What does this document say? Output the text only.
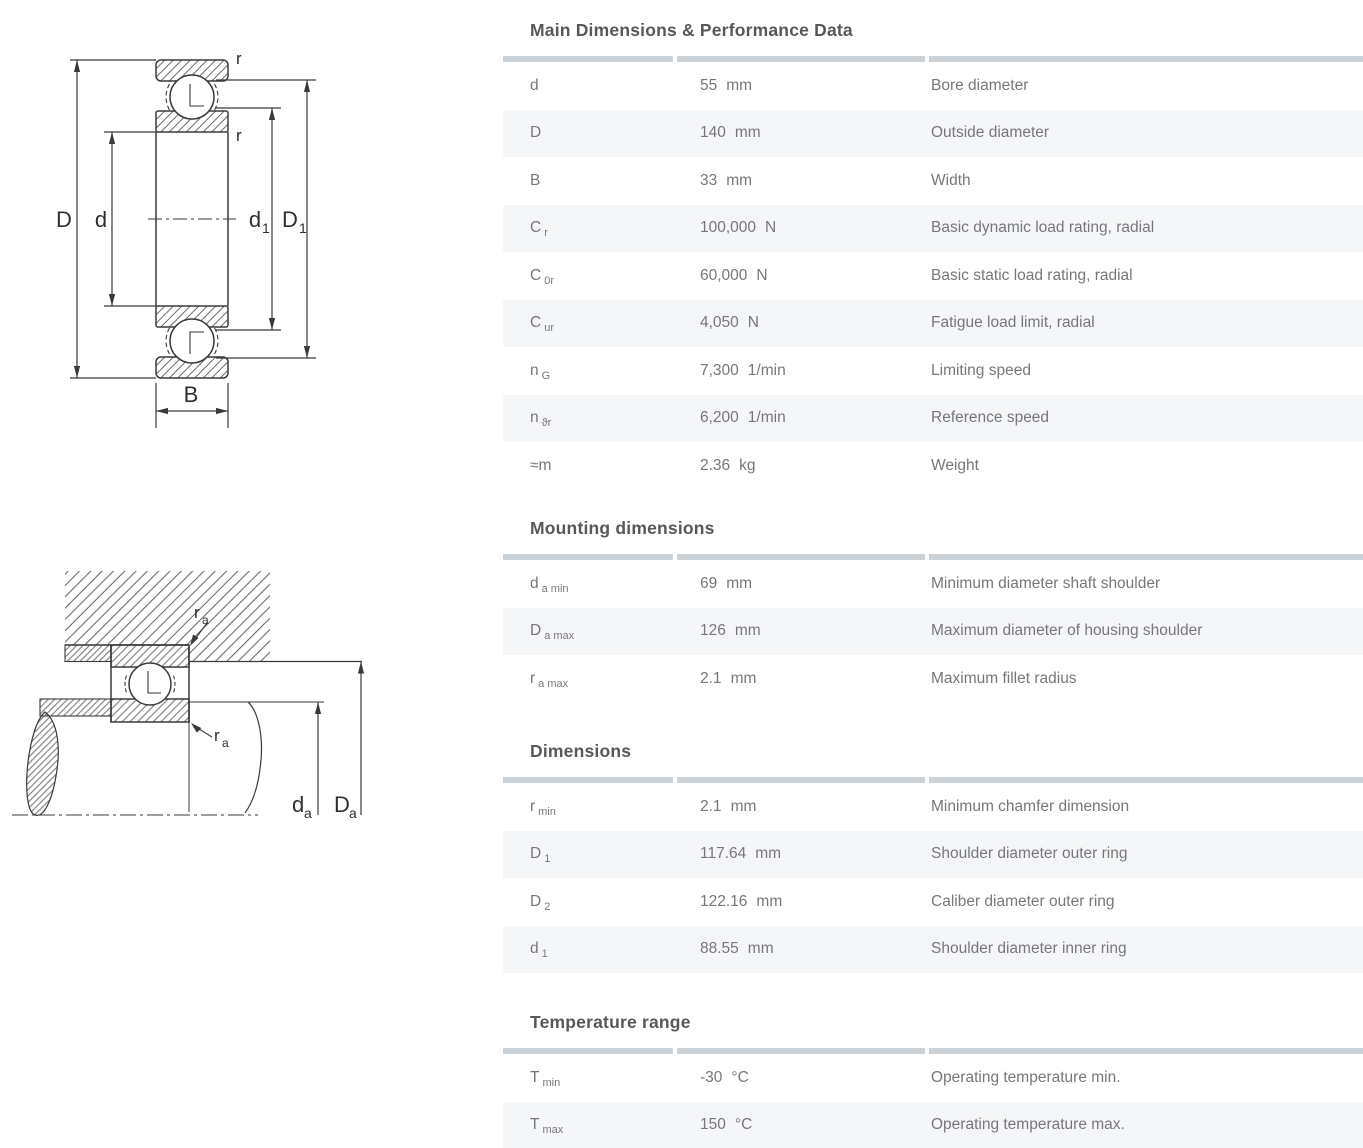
D d	d 1 D 1
r
r
B
r a
r a
d a D a
Main Dimensions & Performance Data
d	55 mm	Bore diameter
D	140 mm	Outside diameter
B	33 mm	Width
C $_r$	100,000 N	Basic dynamic load rating, radial
C $_{0r}$	60,000 N	Basic static load rating, radial
C $_{ur}$	4,050 N	Fatigue load limit, radial
n $_G$	7,300 1/min	Limiting speed
n $_{ϑr}$	6,200 1/min	Reference speed
≈m	2.36 kg	Weight
Mounting dimensions
d $_{a min}$	69 mm	Minimum diameter shaft shoulder
D $_{a max}$	126 mm	Maximum diameter of housing shoulder
r $_{a max}$	2.1 mm	Maximum fillet radius
Dimensions
r $_{min}$	2.1 mm	Minimum chamfer dimension
D $_1$	117.64 mm	Shoulder diameter outer ring
D $_2$	122.16 mm	Caliber diameter outer ring
d $_1$	88.55 mm	Shoulder diameter inner ring
Temperature range
T $_{min}$	-30 °C	Operating temperature min.
T $_{max}$	150 °C	Operating temperature max.
